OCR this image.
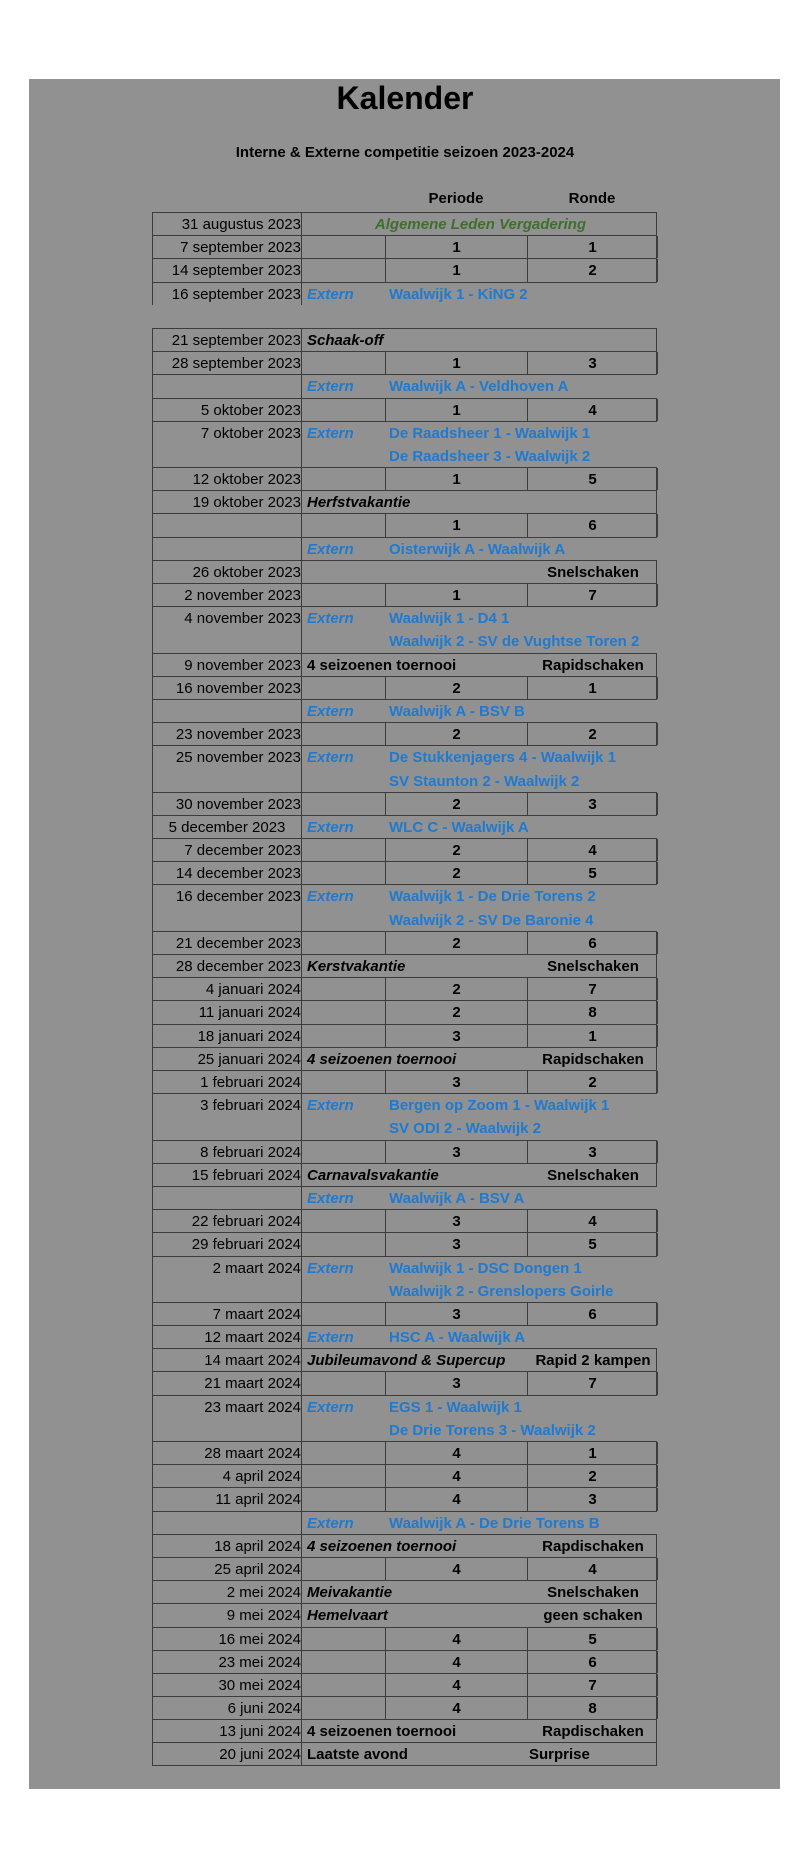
Kalender
Interne & Externe competitie seizoen 2023-2024
Periode	Ronde
31 augustus 2023	Algemene Leden Vergadering
7 september 2023	1	1
14 september 2023	1	2
16 september 2023 Extern Waalwijk 1 - KiNG 2
21 september 2023 Schaak-off
28 september 2023	1	3
Extern Waalwijk A - Veldhoven A
5 oktober 2023	1	4
7 oktober 2023 Extern De Raadsheer 1 - Waalwijk 1
De Raadsheer 3 - Waalwijk 2
12 oktober 2023	1	5
19 oktober 2023 Herfstvakantie
1	6
Extern Oisterwijk A - Waalwijk A
26 oktober 2023	Snelschaken
2 november 2023	1	7
4 november 2023 Extern Waalwijk 1 - D4 1
Waalwijk 2 - SV de Vughtse Toren 2
9 november 2023 4 seizoenen toernooi	Rapidschaken
16 november 2023	2	1
Extern Waalwijk A - BSV B
23 november 2023	2	2
25 november 2023 Extern De Stukkenjagers 4 - Waalwijk 1
SV Staunton 2 - Waalwijk 2
30 november 2023	2	3
5 december 2023	Extern WLC C - Waalwijk A
7 december 2023	2	4
14 december 2023	2	5
16 december 2023 Extern Waalwijk 1 - De Drie Torens 2
Waalwijk 2 - SV De Baronie 4
21 december 2023	2	6
28 december 2023 Kerstvakantie	Snelschaken
4 januari 2024	2	7
11 januari 2024	2	8
18 januari 2024	3	1
25 januari 2024 4 seizoenen toernooi	Rapidschaken
1 februari 2024	3	2
3 februari 2024 Extern Bergen op Zoom 1 - Waalwijk 1
SV ODI 2 - Waalwijk 2
8 februari 2024	3	3
15 februari 2024 Carnavalsvakantie	Snelschaken
Extern Waalwijk A - BSV A
22 februari 2024	3	4
29 februari 2024	3	5
2 maart 2024 Extern Waalwijk 1 - DSC Dongen 1
Waalwijk 2 - Grenslopers Goirle
7 maart 2024	3	6
12 maart 2024 Extern HSC A - Waalwijk A
14 maart 2024 Jubileumavond & Supercup	Rapid 2 kampen
21 maart 2024	3	7
23 maart 2024 Extern EGS 1 - Waalwijk 1
De Drie Torens 3 - Waalwijk 2
28 maart 2024	4	1
4 april 2024	4	2
11 april 2024	4	3
Extern Waalwijk A - De Drie Torens B
18 april 2024 4 seizoenen toernooi	Rapdischaken
25 april 2024	4	4
2 mei 2024 Meivakantie	Snelschaken
9 mei 2024 Hemelvaart	geen schaken
16 mei 2024	4	5
23 mei 2024	4	6
30 mei 2024	4	7
6 juni 2024	4	8
13 juni 2024 4 seizoenen toernooi	Rapdischaken
20 juni 2024 Laatste avond	Surprise
